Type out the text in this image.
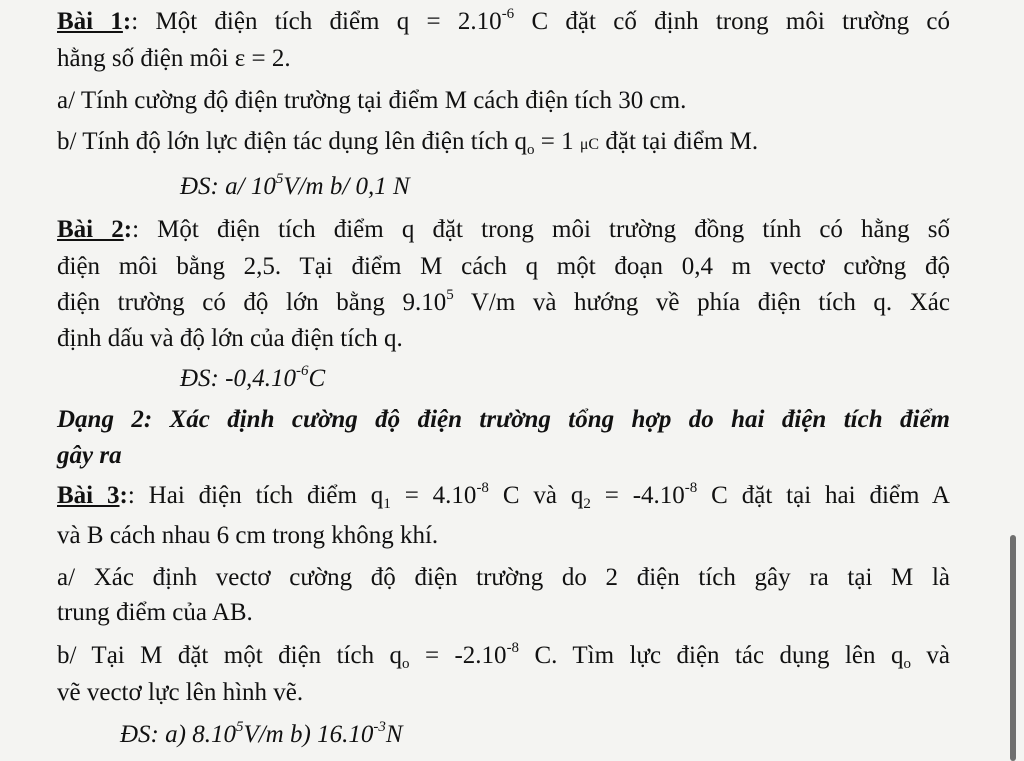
Bài 1:: Một điện tích điểm $q = 2.10^{-6}$ C đặt cố định trong môi trường có
hằng số điện môi ε = 2.
a/ Tính cường độ điện trường tại điểm M cách điện tích 30 cm.
b/ Tính độ lớn lực điện tác dụng lên điện tích $q_o = 1$ μC đặt tại điểm M.
ĐS: a/ $10^5V/m$ b/ 0,1 N
Bài 2:: Một điện tích điểm q đặt trong môi trường đồng tính có hằng số
điện môi bằng 2,5. Tại điểm M cách q một đoạn 0,4 m vectơ cường độ
điện trường có độ lớn bằng 9.10$^5$ V/m và hướng về phía điện tích q. Xác
định dấu và độ lớn của điện tích q.
ĐS: $-0,4.10^{-6}C$
Dạng 2: Xác định cường độ điện trường tổng hợp do hai điện tích điểm
gây ra
Bài 3:: Hai điện tích điểm $q_1 = 4.10^{-8}$ C và $q_2 = -4.10^{-8}$ C đặt tại hai điểm A
và B cách nhau 6 cm trong không khí.
a/ Xác định vectơ cường độ điện trường do 2 điện tích gây ra tại M là
trung điểm của AB.
b/ Tại M đặt một điện tích $q_o = -2.10^{-8}$ C. Tìm lực điện tác dụng lên $q_o$ và
vẽ vectơ lực lên hình vẽ.
ĐS: a) 8.10$^5$V/m b) $16.10^{-3}N$
